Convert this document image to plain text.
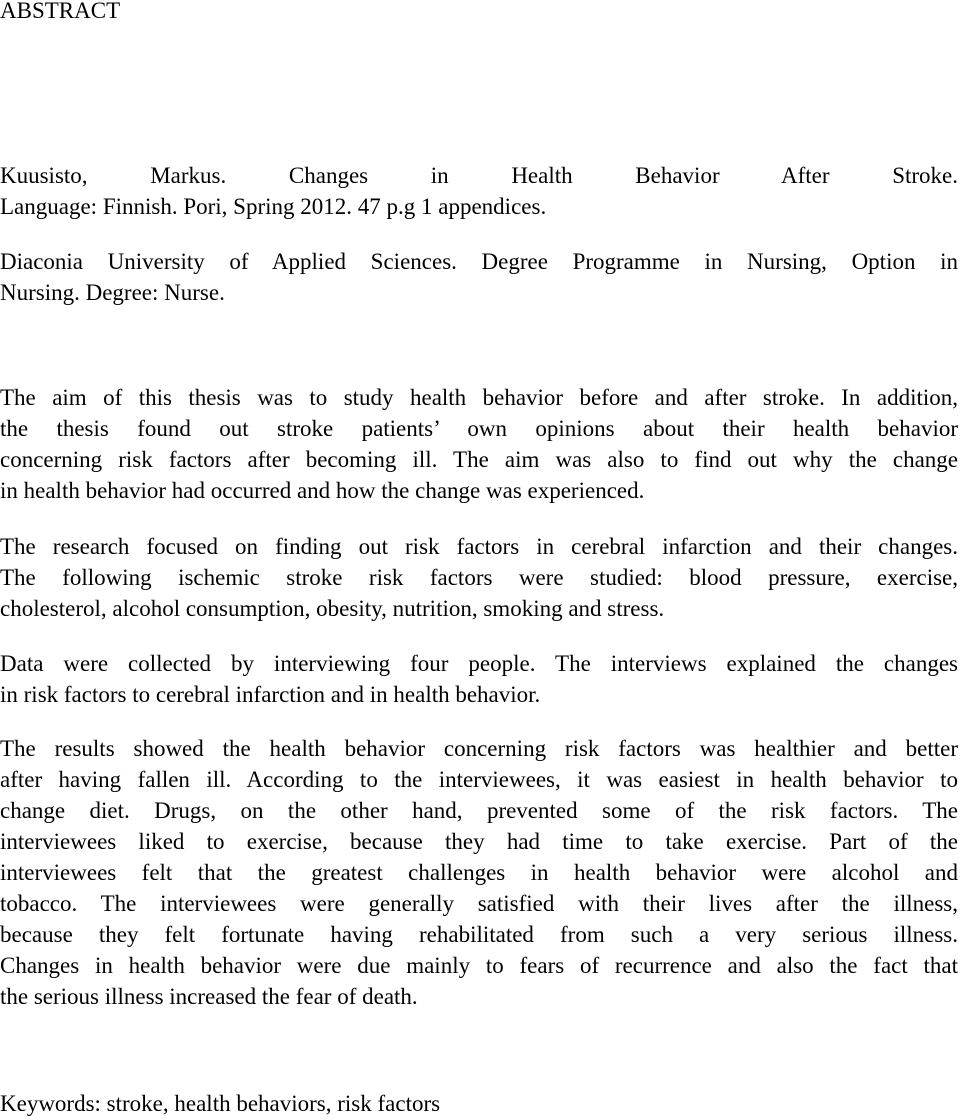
ABSTRACT
Kuusisto, Markus. Changes in Health Behavior After Stroke.
Language: Finnish. Pori, Spring 2012. 47 p.g 1 appendices.
Diaconia University of Applied Sciences. Degree Programme in Nursing, Option in
Nursing. Degree: Nurse.
The aim of this thesis was to study health behavior before and after stroke. In addition,
the thesis found out stroke patients’ own opinions about their health behavior
concerning risk factors after becoming ill. The aim was also to find out why the change
in health behavior had occurred and how the change was experienced.
The research focused on finding out risk factors in cerebral infarction and their changes.
The following ischemic stroke risk factors were studied: blood pressure, exercise,
cholesterol, alcohol consumption, obesity, nutrition, smoking and stress.
Data were collected by interviewing four people. The interviews explained the changes
in risk factors to cerebral infarction and in health behavior.
The results showed the health behavior concerning risk factors was healthier and better
after having fallen ill. According to the interviewees, it was easiest in health behavior to
change diet. Drugs, on the other hand, prevented some of the risk factors. The
interviewees liked to exercise, because they had time to take exercise. Part of the
interviewees felt that the greatest challenges in health behavior were alcohol and
tobacco. The interviewees were generally satisfied with their lives after the illness,
because they felt fortunate having rehabilitated from such a very serious illness.
Changes in health behavior were due mainly to fears of recurrence and also the fact that
the serious illness increased the fear of death.

Keywords: stroke, health behaviors, risk factors
